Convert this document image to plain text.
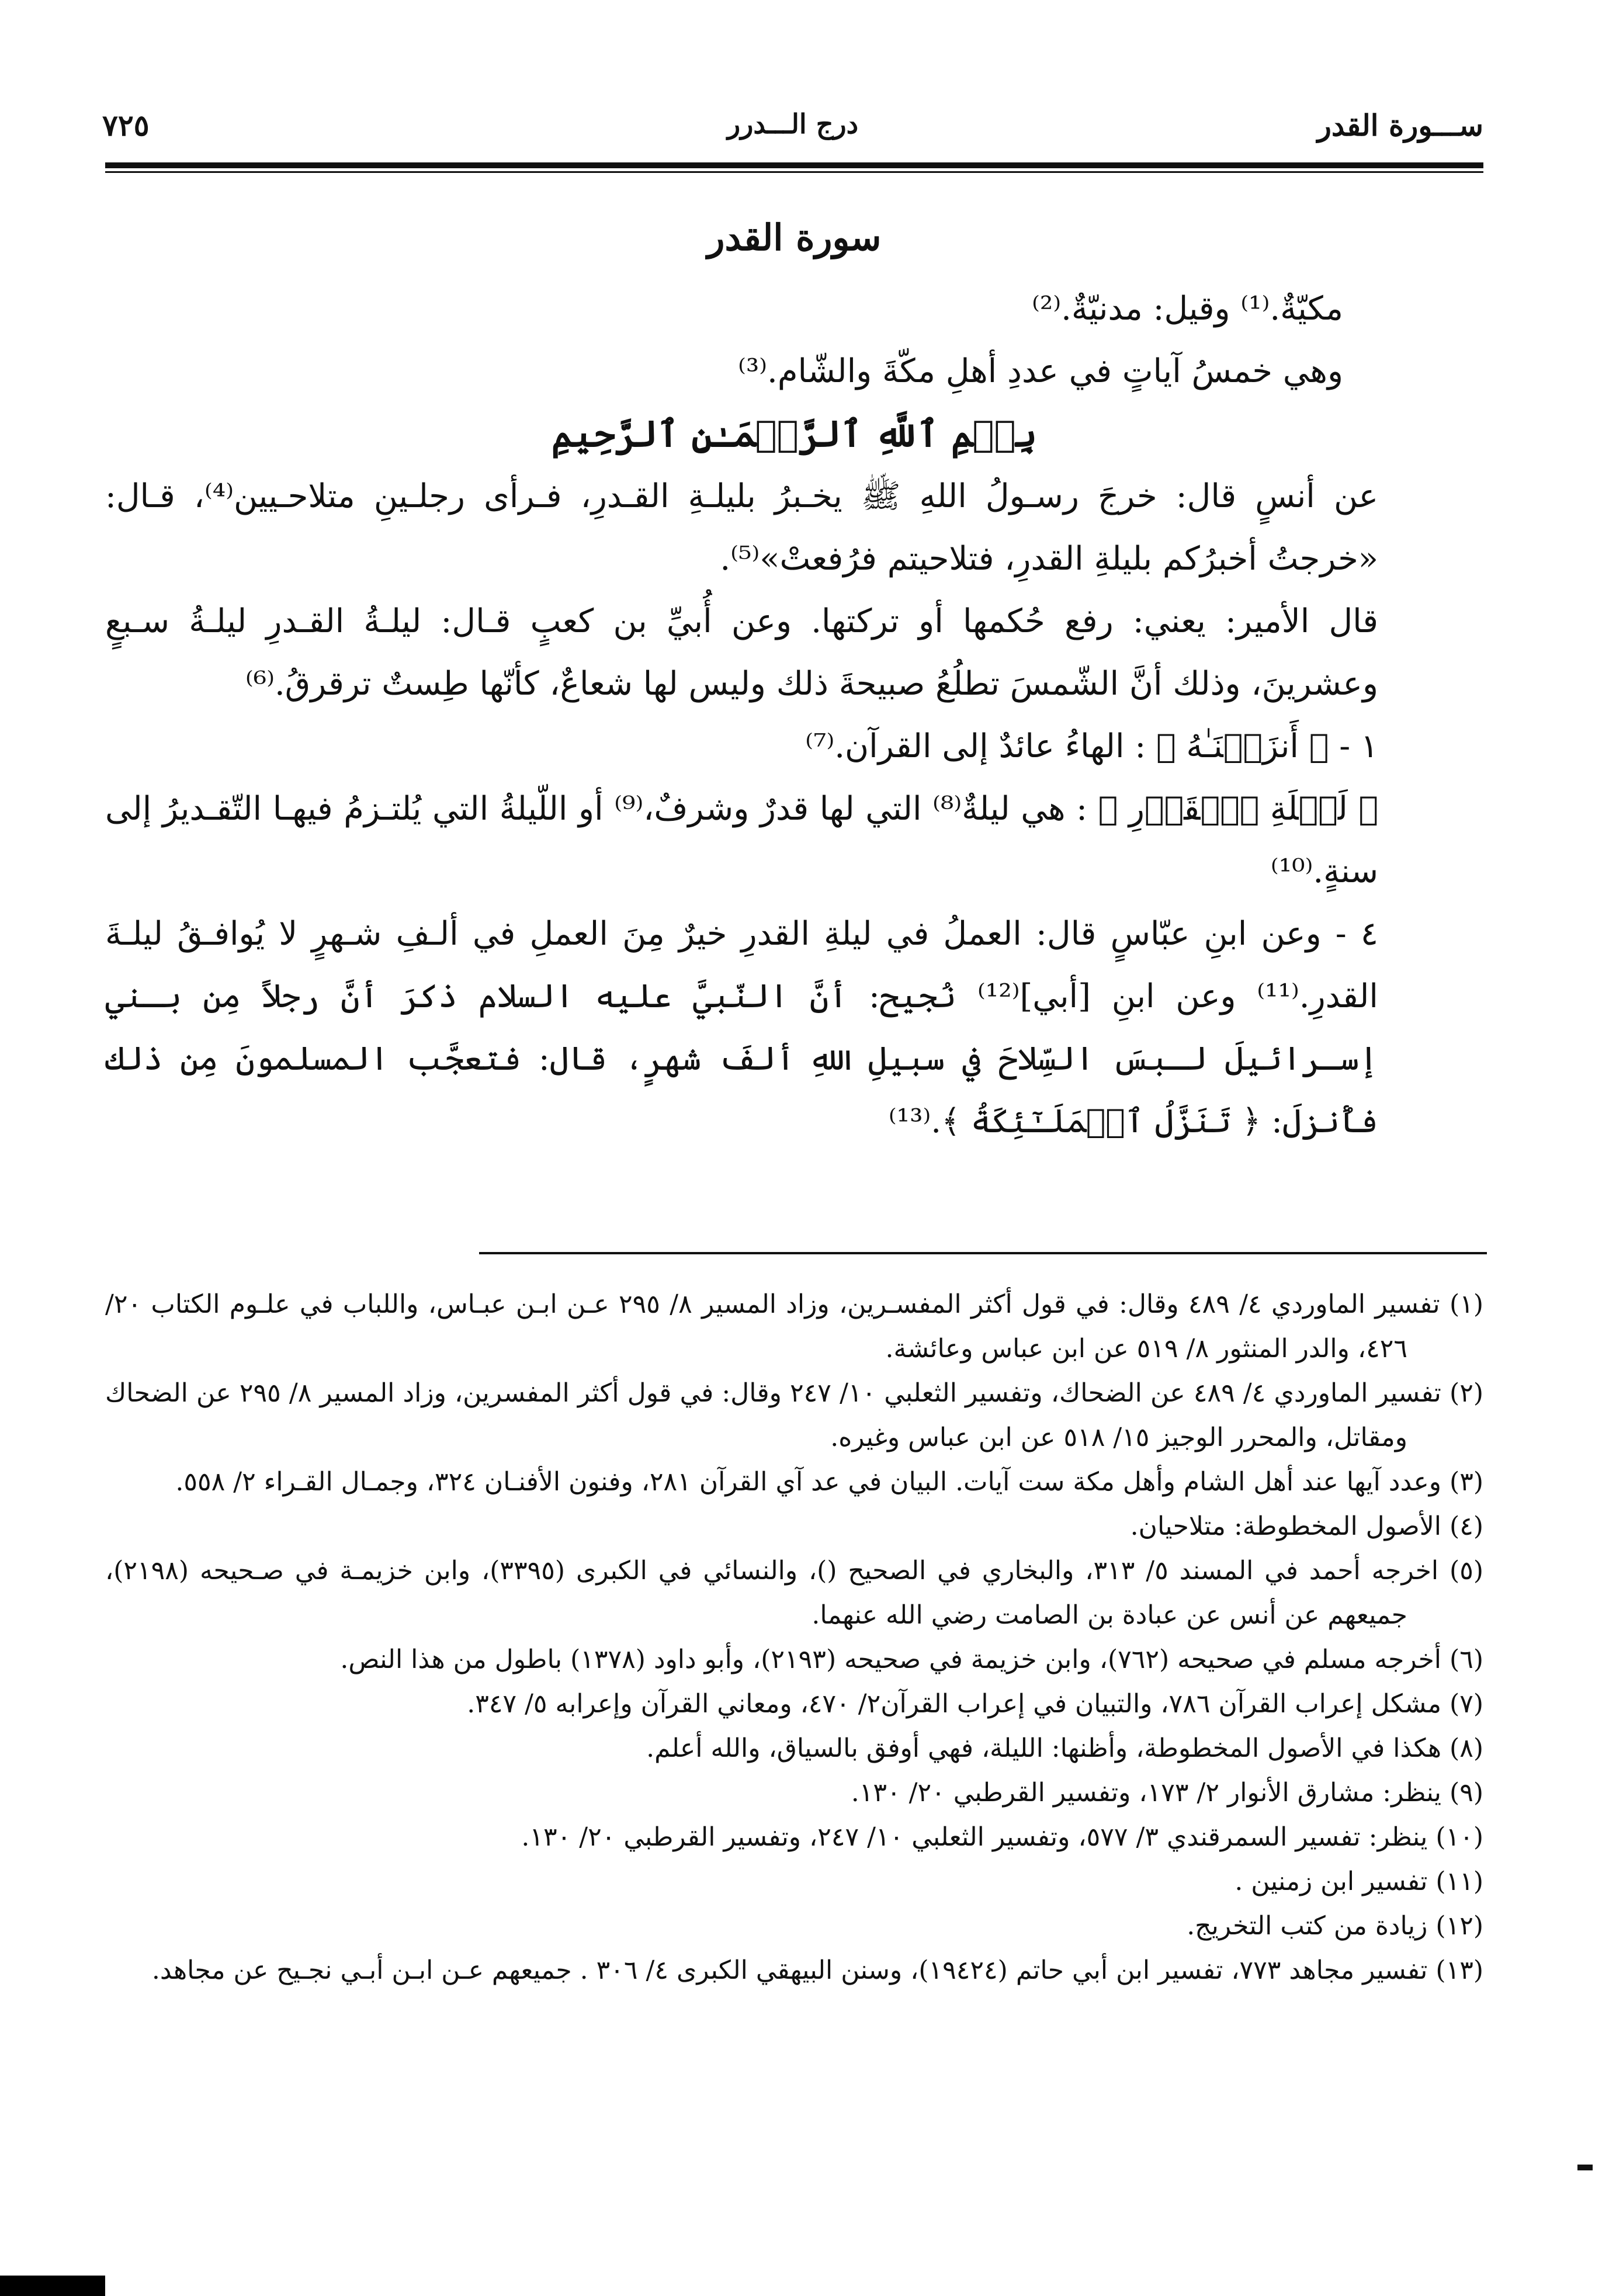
٧٢٥	درج الـــدرر	ســـورة القدر
سورة القدر

مكيّةٌ.⁽¹⁾ وقيل: مدنيّةٌ.⁽²⁾

وهي خمسُ آياتٍ في عددِ أهلِ مكّةَ والشّام.⁽³⁾

بِسۡمِ ٱللَّهِ ٱلرَّحۡمَـٰنِ ٱلرَّحِيمِ

عن أنسٍ قال: خرجَ رسـولُ اللهِ ﷺ يخـبرُ بليلـةِ القـدرِ، فـرأى رجلـينِ متلاحـيين⁽⁴⁾، قـال: «خرجتُ أخبرُكم بليلةِ القدرِ، فتلاحيتم فرُفعتْ»⁽⁵⁾.

قال الأمير: يعني: رفع حُكمها أو تركتها. وعن أُبيِّ بن كعبٍ قـال: ليلـةُ القـدرِ ليلـةُ سـبعٍ وعشرينَ، وذلك أنَّ الشّمسَ تطلُعُ صبيحةَ ذلك وليس لها شعاعٌ، كأنّها طِستٌ ترقرقُ.⁽⁶⁾

١ - ﴿ أَنزَلۡنَـٰهُ ﴾ : الهاءُ عائدٌ إلى القرآن.⁽⁷⁾

﴿ لَيۡلَةِ ٱلۡقَدۡرِ ﴾ : هي ليلةٌ⁽⁸⁾ التي لها قدرٌ وشرفٌ،⁽⁹⁾ أو اللّيلةُ التي يُلتـزمُ فيهـا التّقـديرُ إلى سنةٍ.⁽¹⁰⁾

٤ - وعن ابنِ عبّاسٍ قال: العملُ في ليلةِ القدرِ خيرٌ مِنَ العملِ في ألـفِ شـهرٍ لا يُوافـقُ ليلـةَ القدرِ.⁽¹¹⁾ وعن ابنِ [أبي]⁽¹²⁾ نُجيح: أنَّ النّبيَّ عليه السلام ذكرَ أنَّ رجلاً مِن بـني إسـرائيلَ لـبسَ السِّلاحَ في سبيلِ اللهِ ألفَ شهرٍ، قال: فتعجَّب المسلمونَ مِن ذلك فأُنزلَ: ﴿ تَنَزَّلُ ٱلۡمَلَـٰٓئِكَةُ ﴾.⁽¹³⁾

(١) تفسير الماوردي ٤/ ٤٨٩ وقال: في قول أكثر المفسـرين، وزاد المسير ٨/ ٢٩٥ عـن ابـن عبـاس، واللباب في علـوم الكتاب ٢٠/ ٤٢٦، والدر المنثور ٨/ ٥١٩ عن ابن عباس وعائشة.

(٢) تفسير الماوردي ٤/ ٤٨٩ عن الضحاك، وتفسير الثعلبي ١٠/ ٢٤٧ وقال: في قول أكثر المفسرين، وزاد المسير ٨/ ٢٩٥ عن الضحاك ومقاتل، والمحرر الوجيز ١٥/ ٥١٨ عن ابن عباس وغيره.

(٣) وعدد آيها عند أهل الشام وأهل مكة ست آيات. البيان في عد آي القرآن ٢٨١، وفنون الأفنـان ٣٢٤، وجمـال القـراء ٢/ ٥٥٨.

(٤) الأصول المخطوطة: متلاحيان.

(٥) اخرجه أحمد في المسند ٥/ ٣١٣، والبخاري في الصحيح ()، والنسائي في الكبرى (٣٣٩٥)، وابن خزيمـة في صـحيحه (٢١٩٨)، جميعهم عن أنس عن عبادة بن الصامت رضي الله عنهما.

(٦) أخرجه مسلم في صحيحه (٧٦٢)، وابن خزيمة في صحيحه (٢١٩٣)، وأبو داود (١٣٧٨) باطول من هذا النص.

(٧) مشكل إعراب القرآن ٧٨٦، والتبيان في إعراب القرآن٢/ ٤٧٠، ومعاني القرآن وإعرابه ٥/ ٣٤٧.

(٨) هكذا في الأصول المخطوطة، وأظنها: الليلة، فهي أوفق بالسياق، والله أعلم.

(٩) ينظر: مشارق الأنوار ٢/ ١٧٣، وتفسير القرطبي ٢٠/ ١٣٠.

(١٠) ينظر: تفسير السمرقندي ٣/ ٥٧٧، وتفسير الثعلبي ١٠/ ٢٤٧، وتفسير القرطبي ٢٠/ ١٣٠.

(١١) تفسير ابن زمنين .

(١٢) زيادة من كتب التخريج.

(١٣) تفسير مجاهد ٧٧٣، تفسير ابن أبي حاتم (١٩٤٢٤)، وسنن البيهقي الكبرى ٤/ ٣٠٦ . جميعهم عـن ابـن أبـي نجـيح عن مجاهد.
